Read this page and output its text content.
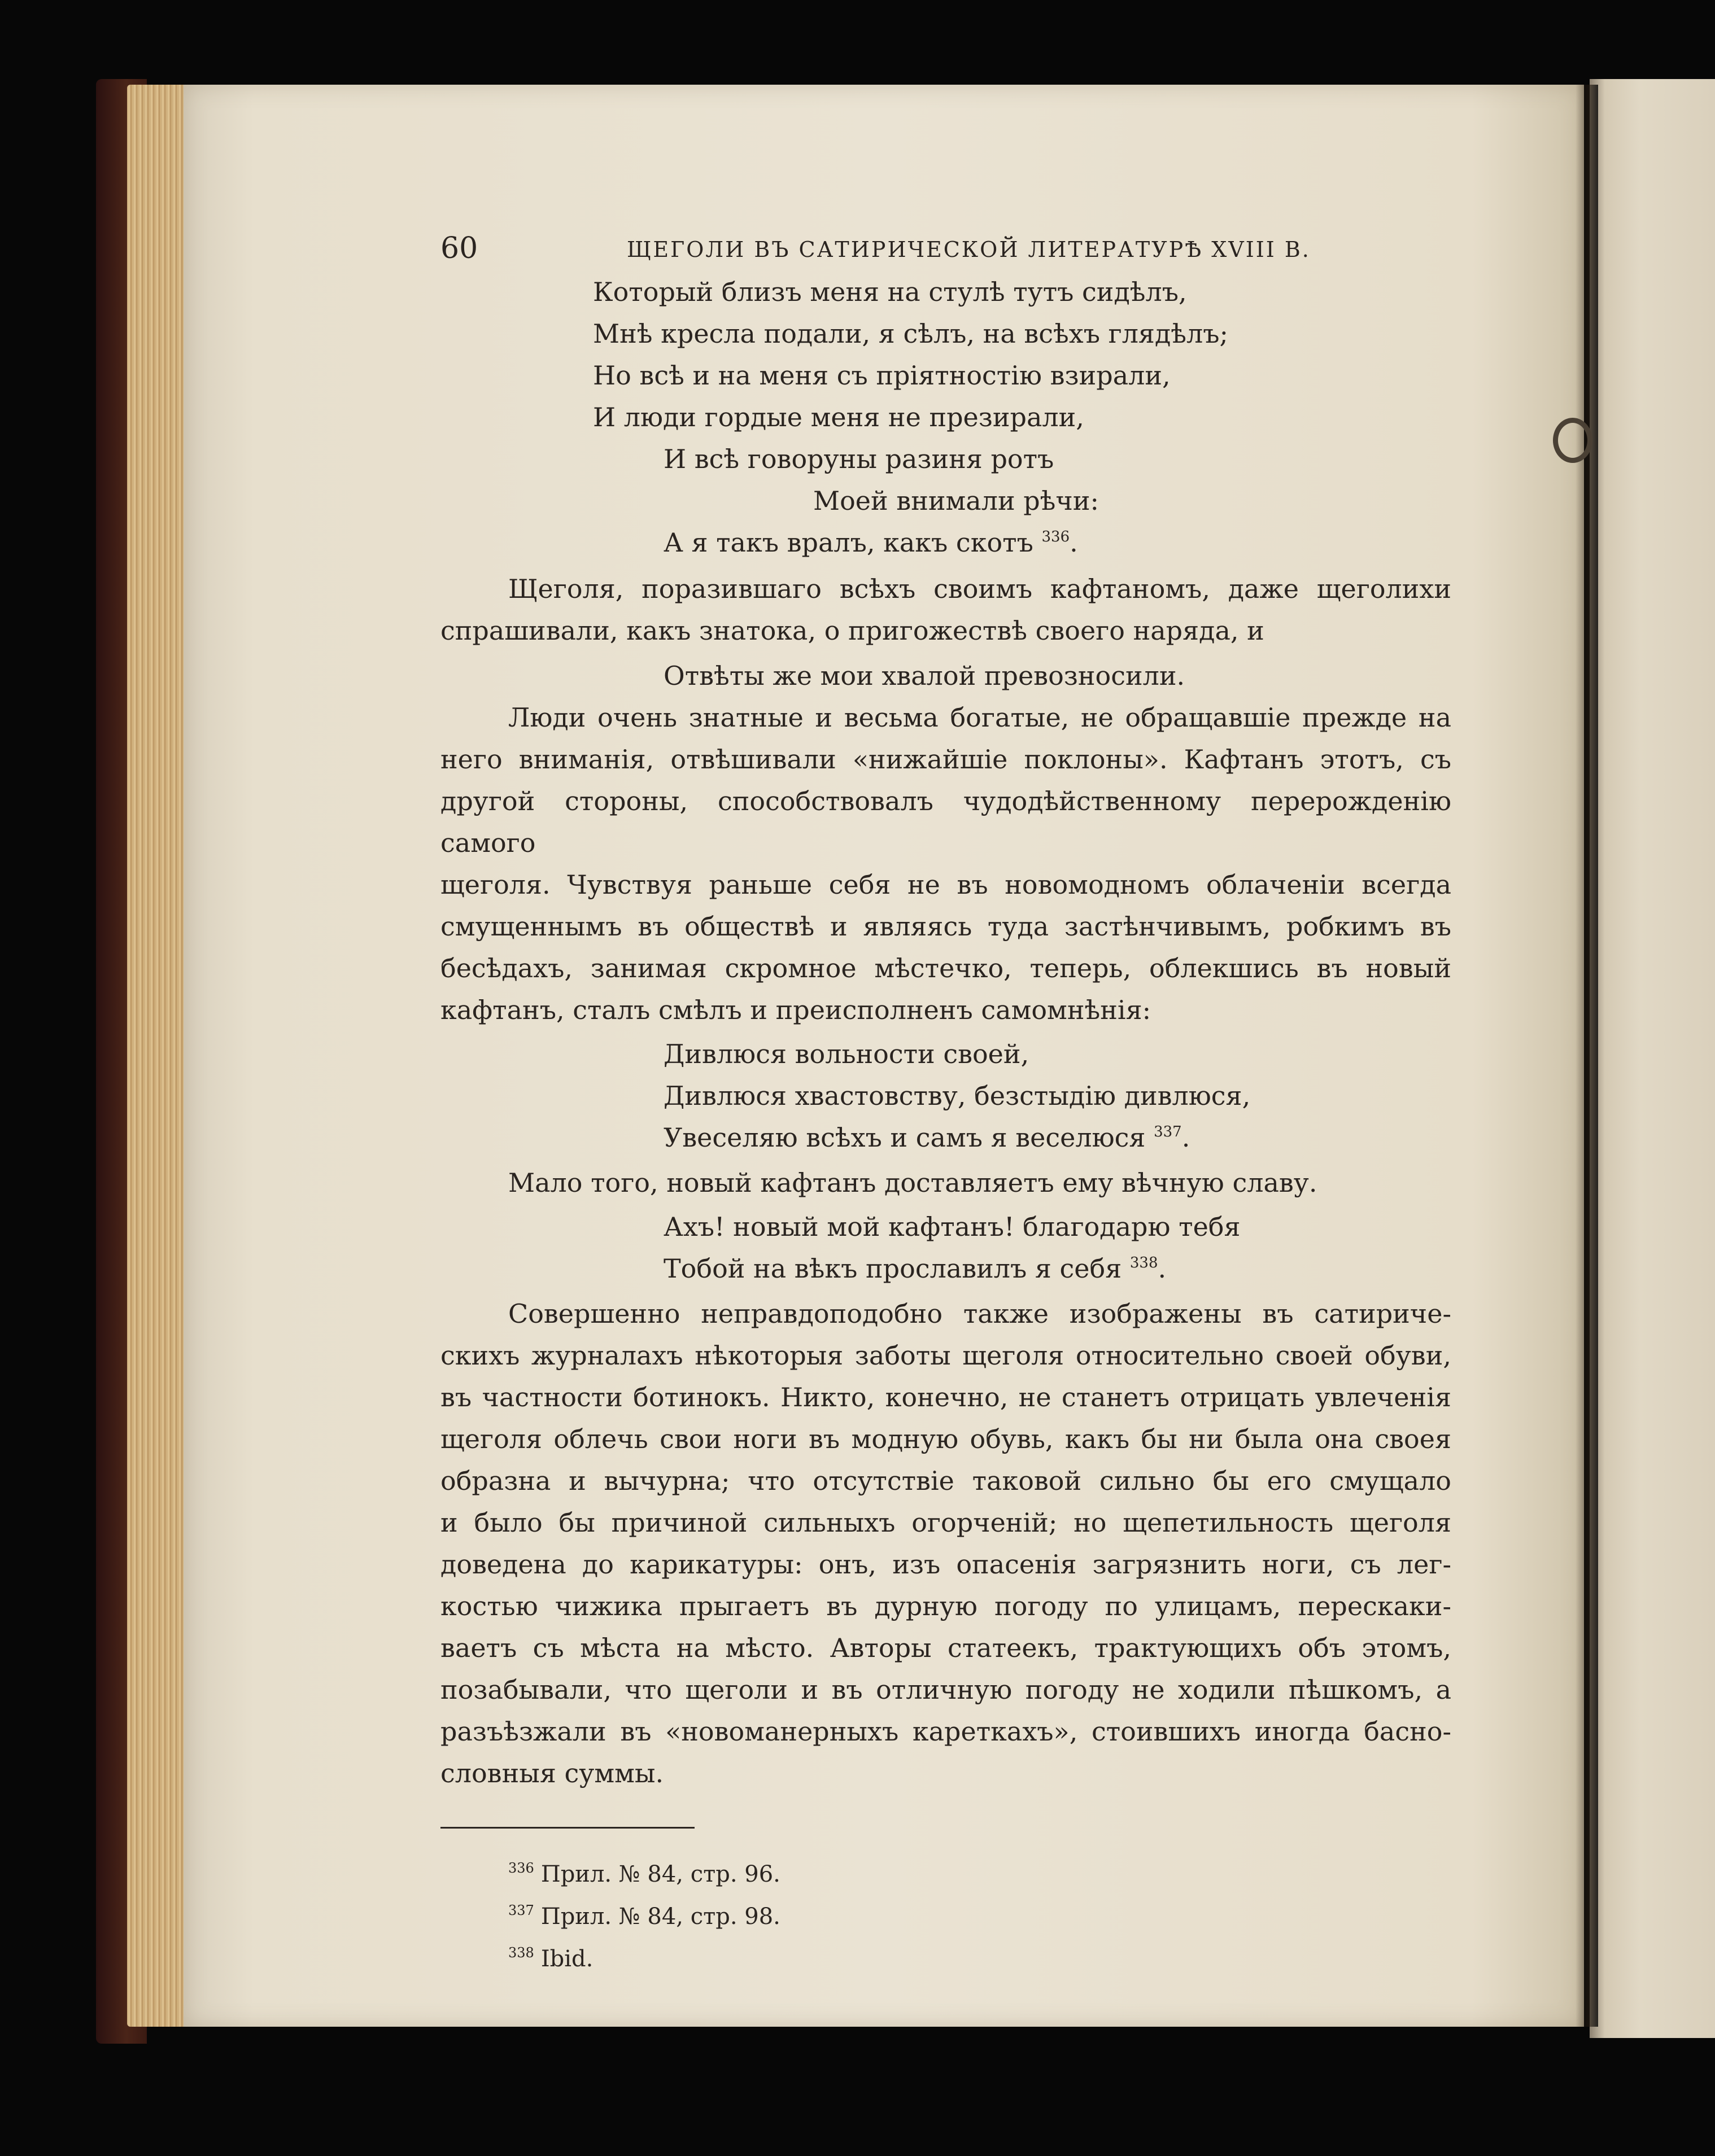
60	ЩЕГОЛИ ВЪ САТИРИЧЕСКОЙ ЛИТЕРАТУРѢ XVIII В.
Который близъ меня на стулѣ тутъ сидѣлъ,
Мнѣ кресла подали, я сѣлъ, на всѣхъ глядѣлъ;
Но всѣ и на меня съ пріятностію взирали,
И люди гордые меня не презирали,
И всѣ говоруны разиня ротъ
Моей внимали рѣчи:
А я такъ вралъ, какъ скотъ $^{336}$.
Щеголя, поразившаго всѣхъ своимъ кафтаномъ, даже щеголихи
спрашивали, какъ знатока, о пригожествѣ своего наряда, и
Отвѣты же мои хвалой превозносили.
Люди очень знатные и весьма богатые, не обращавшіе прежде на
него вниманія, отвѣшивали «нижайшіе поклоны». Кафтанъ этотъ, съ
другой стороны, способствовалъ чудодѣйственному перерожденію самого
щеголя. Чувствуя раньше себя не въ новомодномъ облаченіи всегда
смущеннымъ въ обществѣ и являясь туда застѣнчивымъ, робкимъ въ
бесѣдахъ, занимая скромное мѣстечко, теперь, облекшись въ новый
кафтанъ, сталъ смѣлъ и преисполненъ самомнѣнія:
Дивлюся вольности своей,
Дивлюся хвастовству, безстыдію дивлюся,
Увеселяю всѣхъ и самъ я веселюся $^{337}$.
Мало того, новый кафтанъ доставляетъ ему вѣчную славу.
Ахъ! новый мой кафтанъ! благодарю тебя
Тобой на вѣкъ прославилъ я себя $^{338}$.
Совершенно неправдоподобно также изображены въ сатириче-
скихъ журналахъ нѣкоторыя заботы щеголя относительно своей обуви,
въ частности ботинокъ. Никто, конечно, не станетъ отрицать увлеченія
щеголя облечь свои ноги въ модную обувь, какъ бы ни была она своея
образна и вычурна; что отсутствіе таковой сильно бы его смущало
и было бы причиной сильныхъ огорченій; но щепетильность щеголя
доведена до карикатуры: онъ, изъ опасенія загрязнить ноги, съ лег-
костью чижика прыгаетъ въ дурную погоду по улицамъ, перескаки-
ваетъ съ мѣста на мѣсто. Авторы статеекъ, трактующихъ объ этомъ,
позабывали, что щеголи и въ отличную погоду не ходили пѣшкомъ, а
разъѣзжали въ «новоманерныхъ кареткахъ», стоившихъ иногда басно-
словныя суммы.
$^{336}$ Прил. № 84, стр. 96.
$^{337}$ Прил. № 84, стр. 98.
$^{338}$ Ibid.
